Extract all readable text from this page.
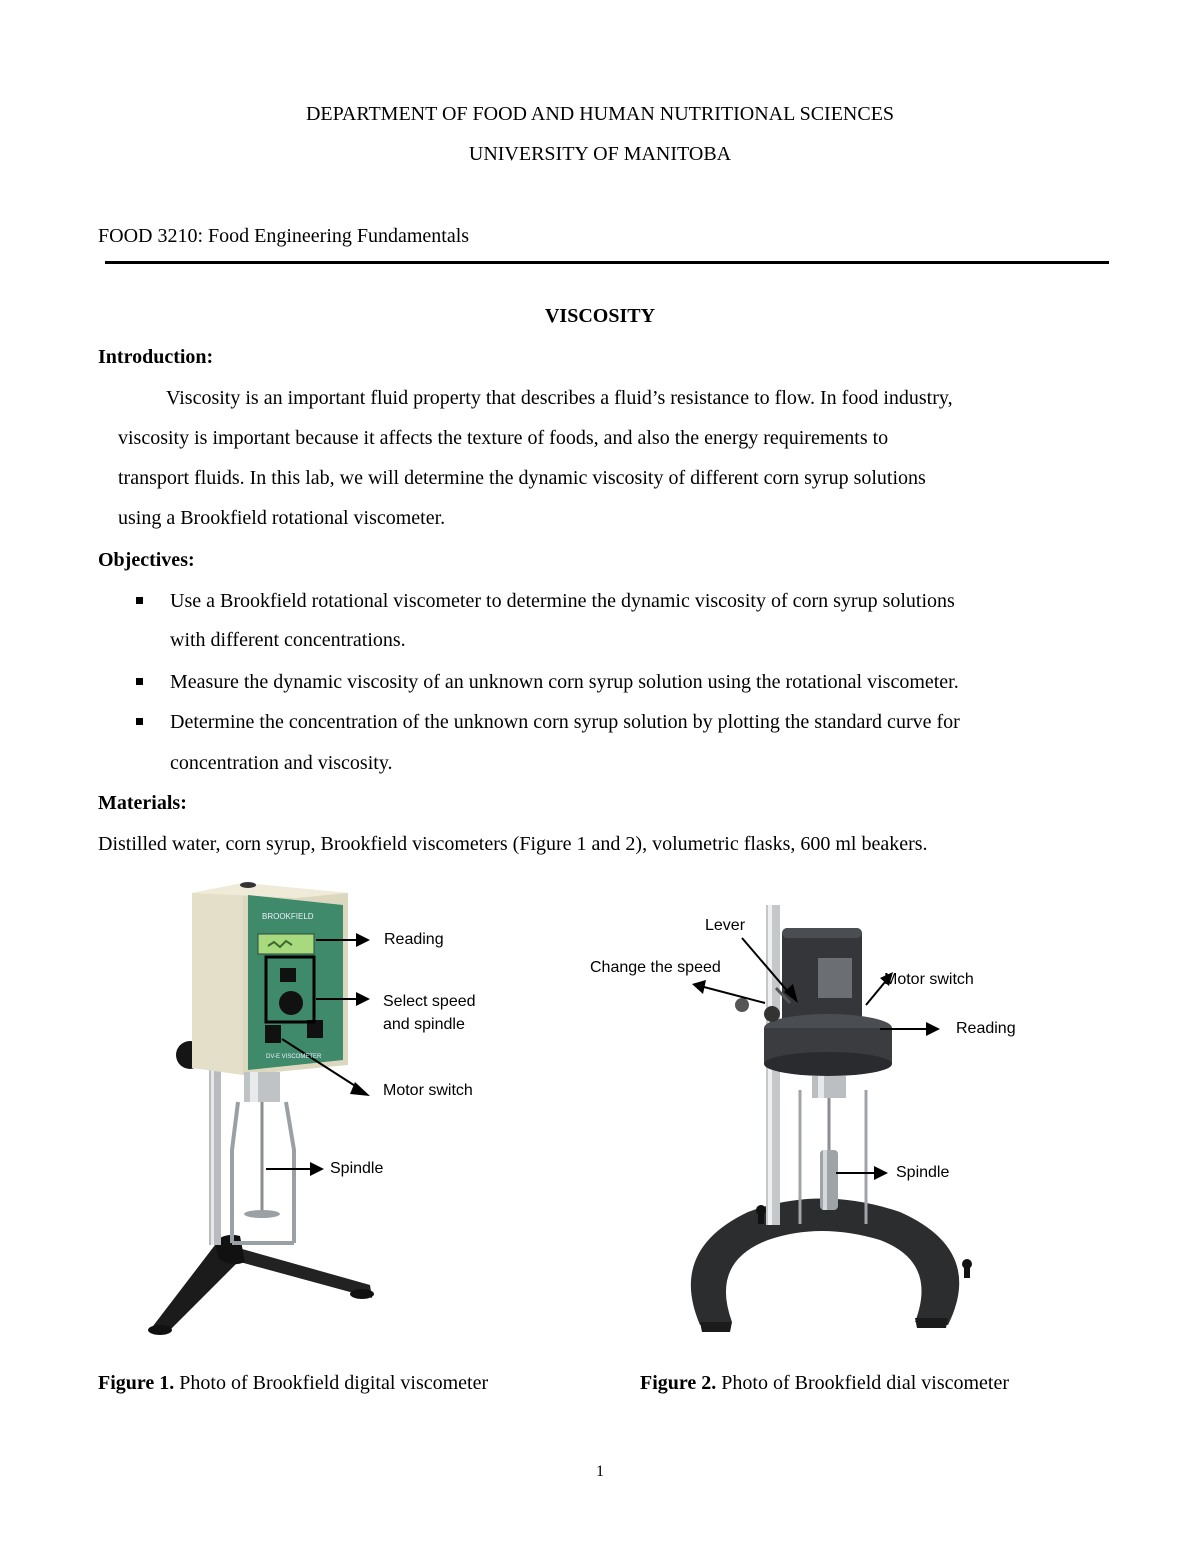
DEPARTMENT OF FOOD AND HUMAN NUTRITIONAL SCIENCES
UNIVERSITY OF MANITOBA
FOOD 3210: Food Engineering Fundamentals
VISCOSITY
Introduction:
Viscosity is an important fluid property that describes a fluid’s resistance to flow. In food industry,
viscosity is important because it affects the texture of foods, and also the energy requirements to
transport fluids. In this lab, we will determine the dynamic viscosity of different corn syrup solutions
using a Brookfield rotational viscometer.
Objectives:
Use a Brookfield rotational viscometer to determine the dynamic viscosity of corn syrup solutions
with different concentrations.
Measure the dynamic viscosity of an unknown corn syrup solution using the rotational viscometer.
Determine the concentration of the unknown corn syrup solution by plotting the standard curve for
concentration and viscosity.
Materials:
Distilled water, corn syrup, Brookfield viscometers (Figure 1 and 2), volumetric flasks, 600 ml beakers.
BROOKFIELD
DV-E VISCOMETER
Reading
Select speed
and spindle
Motor switch
Spindle
Lever
Change the speed
Motor switch
Reading
Spindle
Figure 1. Photo of Brookfield digital viscometer	Figure 2. Photo of Brookfield dial viscometer
1
